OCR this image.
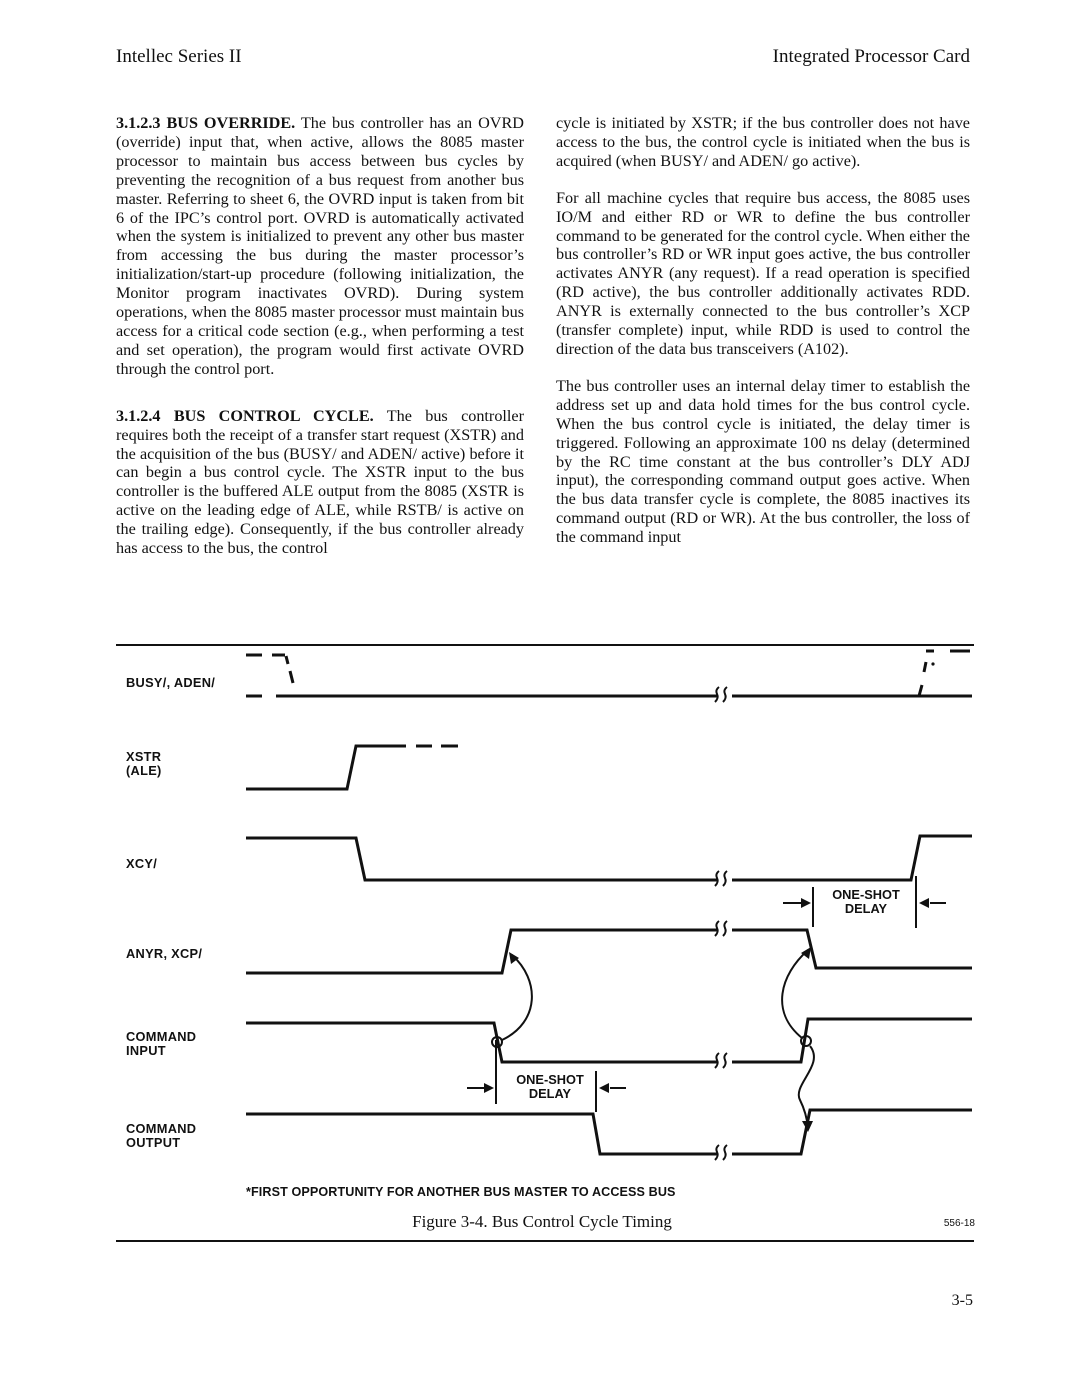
Intellec Series II	Integrated Processor Card

3.1.2.3 BUS OVERRIDE. The bus controller has an OVRD (override) input that, when active, allows the 8085 master processor to maintain bus access between bus cycles by preventing the recognition of a bus request from another bus master. Referring to sheet 6, the OVRD input is taken from bit 6 of the IPC’s control port. OVRD is automatically activated when the system is initialized to prevent any other bus master from accessing the bus during the master processor’s initialization/start-up procedure (following initialization, the Monitor program inactivates OVRD). During system operations, when the 8085 master processor must maintain bus access for a critical code section (e.g., when performing a test and set operation), the program would first activate OVRD through the control port.

3.1.2.4 BUS CONTROL CYCLE. The bus controller requires both the receipt of a transfer start request (XSTR) and the acquisition of the bus (BUSY/ and ADEN/ active) before it can begin a bus control cycle. The XSTR input to the bus controller is the buffered ALE output from the 8085 (XSTR is active on the leading edge of ALE, while RSTB/ is active on the trailing edge). Consequently, if the bus controller already has access to the bus, the control

cycle is initiated by XSTR; if the bus controller does not have access to the bus, the control cycle is initiated when the bus is acquired (when BUSY/ and ADEN/ go active).

For all machine cycles that require bus access, the 8085 uses IO/M and either RD or WR to define the bus controller command to be generated for the control cycle. When either the bus controller’s RD or WR input goes active, the bus controller activates ANYR (any request). If a read operation is specified (RD active), the bus controller additionally activates RDD. ANYR is externally connected to the bus controller’s XCP (transfer complete) input, while RDD is used to control the direction of the data bus transceivers (A102).

The bus controller uses an internal delay timer to establish the address set up and data hold times for the bus control cycle. When the bus control cycle is initiated, the delay timer is triggered. Following an approximate 100 ns delay (determined by the RC time constant at the bus controller’s DLY ADJ input), the corresponding command output goes active. When the bus data transfer cycle is complete, the 8085 inactives its command output (RD or WR). At the bus controller, the loss of the command input

BUSY/, ADEN/
XSTR
(ALE)
XCY/
ANYR, XCP/
COMMAND
INPUT
COMMAND
OUTPUT
ONE-SHOT
DELAY
ONE-SHOT
DELAY
*FIRST OPPORTUNITY FOR ANOTHER BUS MASTER TO ACCESS BUS
Figure 3-4. Bus Control Cycle Timing	556-18
3-5
